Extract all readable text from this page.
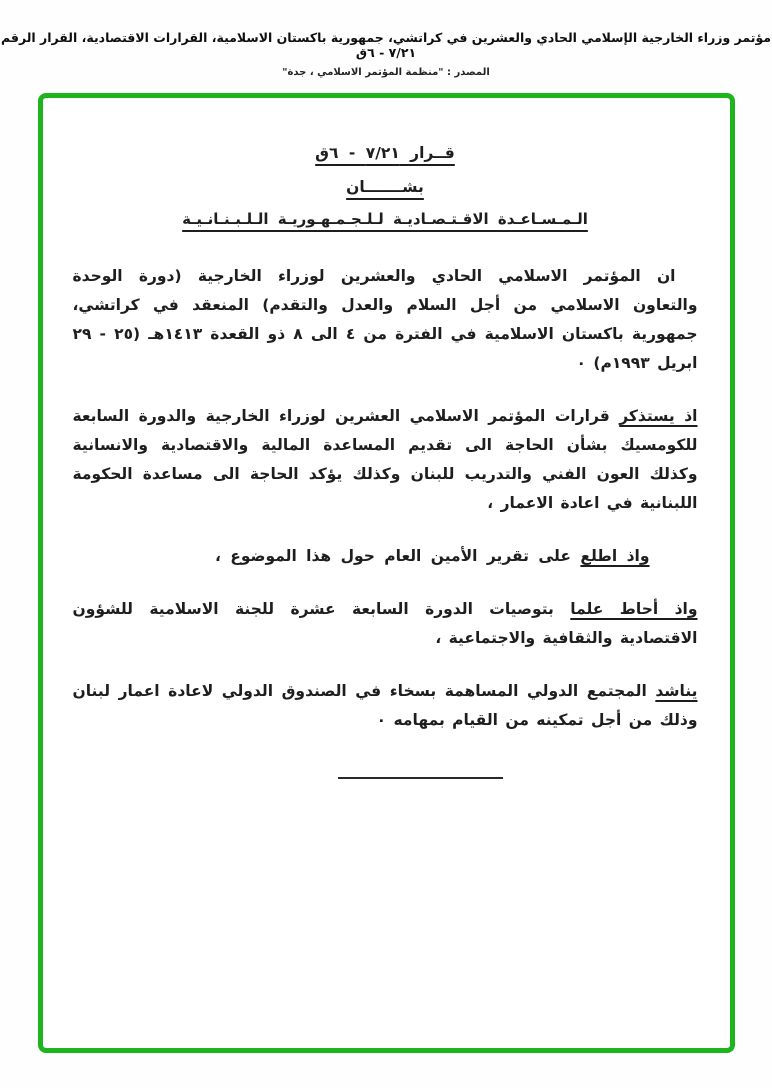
مؤتمر وزراء الخارجية الإسلامي الحادي والعشرين في كراتشي، جمهورية باكستان الاسلامية، القرارات الاقتصادية، القرار الرقم ٧/٢١ - ٦ق
المصدر : "منظمة المؤتمر الاسلامي ، جدة"
قــرار ٧/٢١ - ٦ق
بشـــــــان
الـمـسـاعـدة الاقـتـصـاديـة لـلـجـمـهـوريـة الـلـبـنـانـيـة

ان المؤتمر الاسلامي الحادي والعشرين لوزراء الخارجية (دورة الوحدة والتعاون الاسلامي من أجل السلام والعدل والتقدم) المنعقد في كراتشي، جمهورية باكستان الاسلامية في الفترة من ٤ الى ٨ ذو القعدة ١٤١٣هـ (٢٥ - ٢٩ ابريل ١٩٩٣م) ٠

اذ يستذكر قرارات المؤتمر الاسلامي العشرين لوزراء الخارجية والدورة السابعة للكومسيك بشأن الحاجة الى تقديم المساعدة المالية والاقتصادية والانسانية وكذلك العون الفني والتدريب للبنان وكذلك يؤكد الحاجة الى مساعدة الحكومة اللبنانية في اعادة الاعمار ،

واذ اطلع على تقرير الأمين العام حول هذا الموضوع ،

واذ أحاط علما بتوصيات الدورة السابعة عشرة للجنة الاسلامية للشؤون الاقتصادية والثقافية والاجتماعية ،

يناشد المجتمع الدولي المساهمة بسخاء في الصندوق الدولي لاعادة اعمار لبنان وذلك من أجل تمكينه من القيام بمهامه ٠
